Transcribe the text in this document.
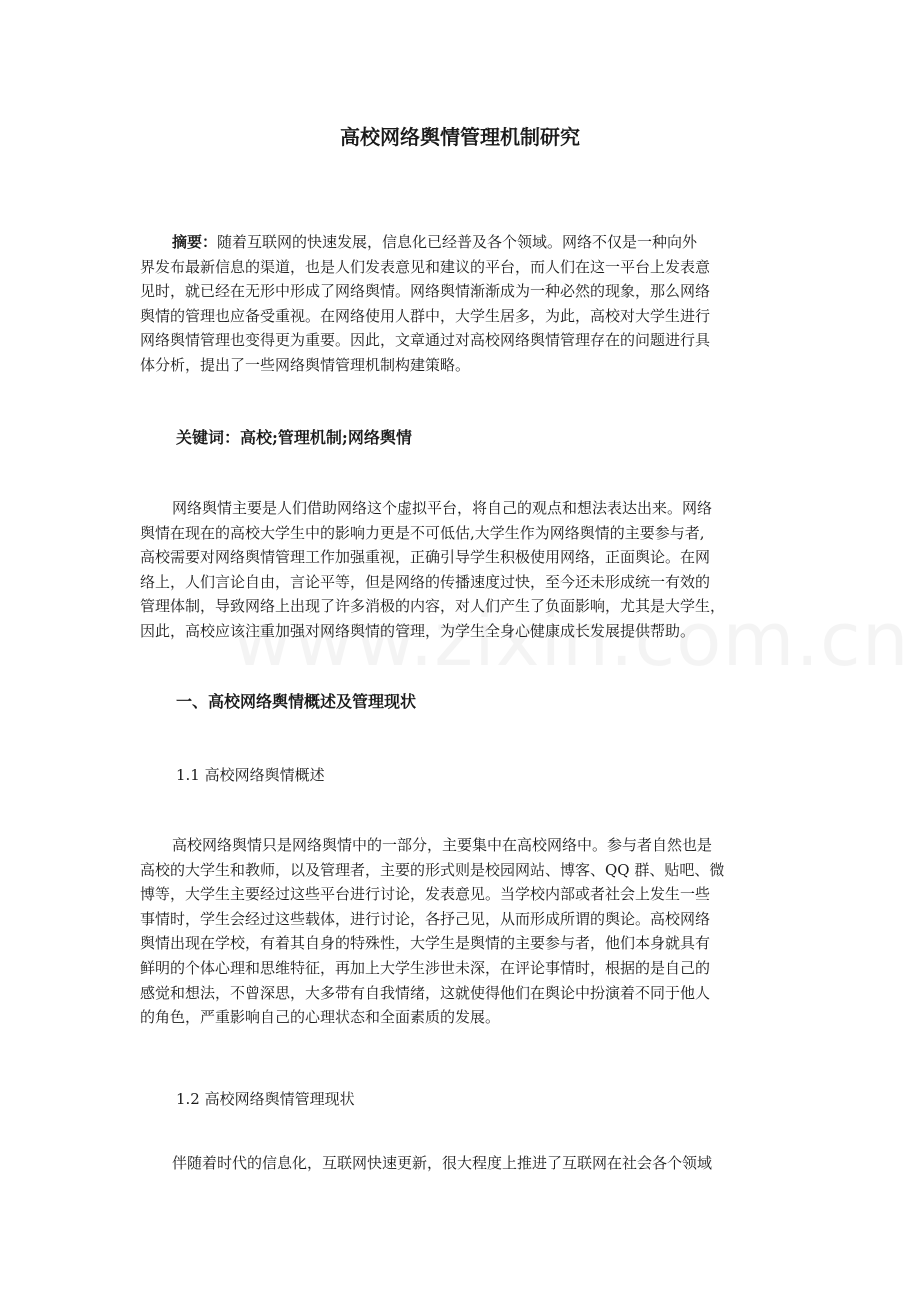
高校网络舆情管理机制研究
摘要：随着互联网的快速发展，信息化已经普及各个领域。网络不仅是一种向外
界发布最新信息的渠道，也是人们发表意见和建议的平台，而人们在这一平台上发表意
见时，就已经在无形中形成了网络舆情。网络舆情渐渐成为一种必然的现象，那么网络
舆情的管理也应备受重视。在网络使用人群中，大学生居多，为此，高校对大学生进行
网络舆情管理也变得更为重要。因此，文章通过对高校网络舆情管理存在的问题进行具
体分析，提出了一些网络舆情管理机制构建策略。
关键词：高校;管理机制;网络舆情
网络舆情主要是人们借助网络这个虚拟平台，将自己的观点和想法表达出来。网络
舆情在现在的高校大学生中的影响力更是不可低估,大学生作为网络舆情的主要参与者,
高校需要对网络舆情管理工作加强重视，正确引导学生积极使用网络，正面舆论。在网
络上，人们言论自由，言论平等，但是网络的传播速度过快，至今还未形成统一有效的
管理体制，导致网络上出现了许多消极的内容，对人们产生了负面影响，尤其是大学生，
因此，高校应该注重加强对网络舆情的管理，为学生全身心健康成长发展提供帮助。
一、高校网络舆情概述及管理现状
1.1 高校网络舆情概述
高校网络舆情只是网络舆情中的一部分，主要集中在高校网络中。参与者自然也是
高校的大学生和教师，以及管理者，主要的形式则是校园网站、博客、QQ 群、贴吧、微
博等，大学生主要经过这些平台进行讨论，发表意见。当学校内部或者社会上发生一些
事情时，学生会经过这些载体，进行讨论，各抒己见，从而形成所谓的舆论。高校网络
舆情出现在学校，有着其自身的特殊性，大学生是舆情的主要参与者，他们本身就具有
鲜明的个体心理和思维特征，再加上大学生涉世未深，在评论事情时，根据的是自己的
感觉和想法，不曾深思，大多带有自我情绪，这就使得他们在舆论中扮演着不同于他人
的角色，严重影响自己的心理状态和全面素质的发展。
1.2 高校网络舆情管理现状
伴随着时代的信息化，互联网快速更新，很大程度上推进了互联网在社会各个领域
